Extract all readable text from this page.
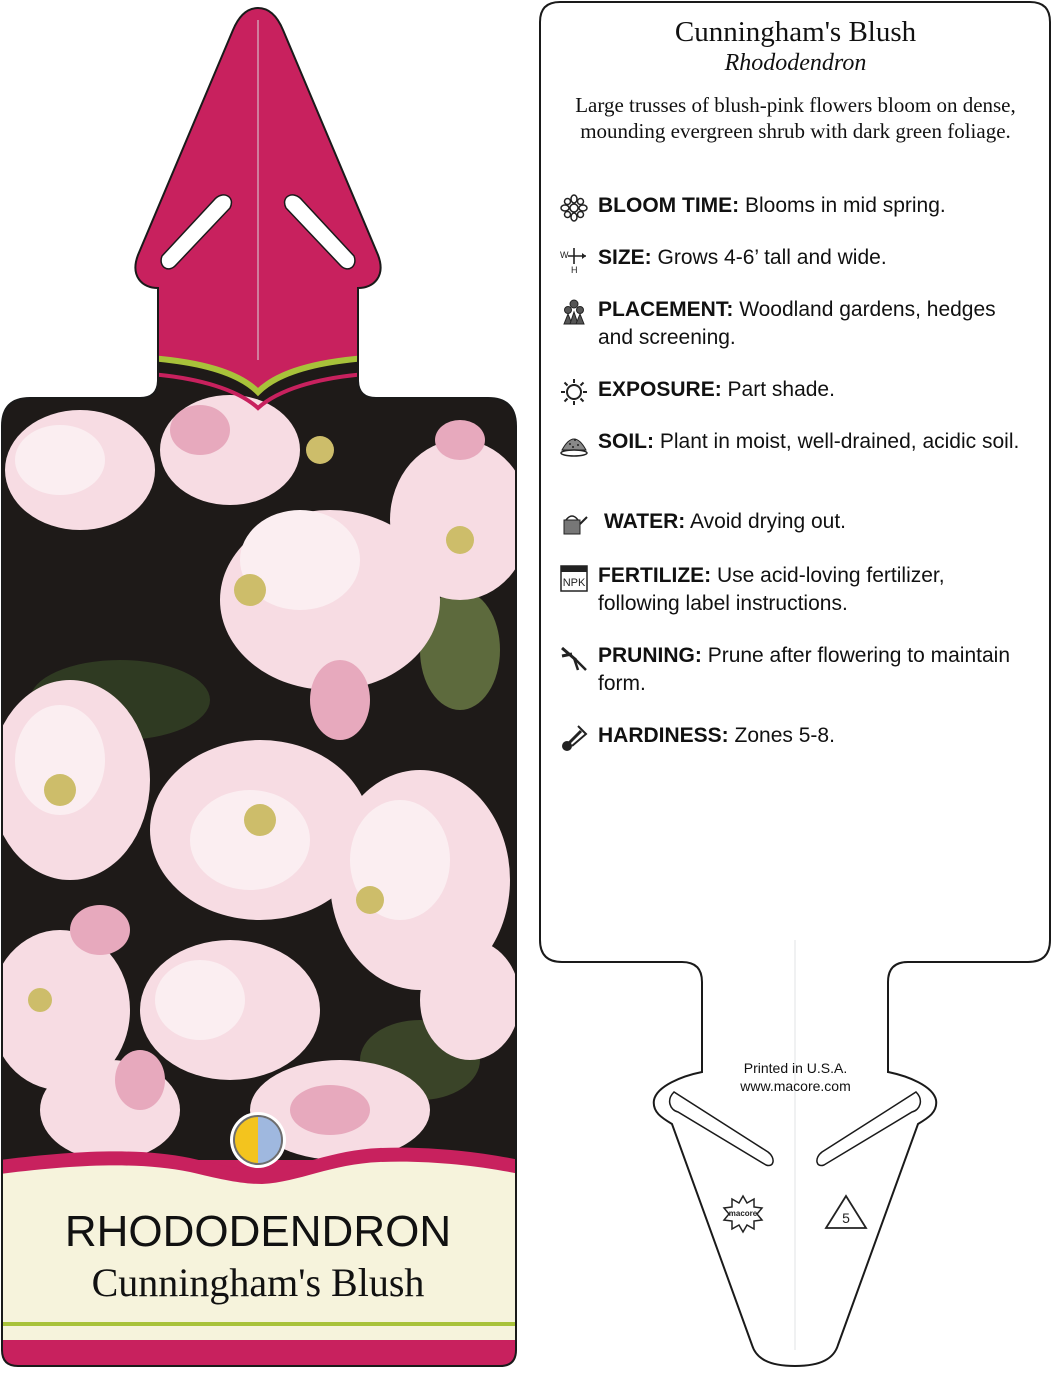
RHODODENDRON
Cunningham's Blush
macore	5
Cunningham's Blush
Rhododendron
Large trusses of blush-pink flowers bloom on dense, mounding evergreen shrub with dark green foliage.
BLOOM TIME: Blooms in mid spring.
W
H
SIZE: Grows 4-6’ tall and wide.
PLACEMENT: Woodland gardens, hedges and screening.
EXPOSURE: Part shade.
SOIL: Plant in moist, well-drained, acidic soil.
WATER: Avoid drying out.
NPK FERTILIZE: Use acid-loving fertilizer, following label instructions.
PRUNING: Prune after flowering to maintain form.
HARDINESS: Zones 5-8.
Printed in U.S.A.
www.macore.com
